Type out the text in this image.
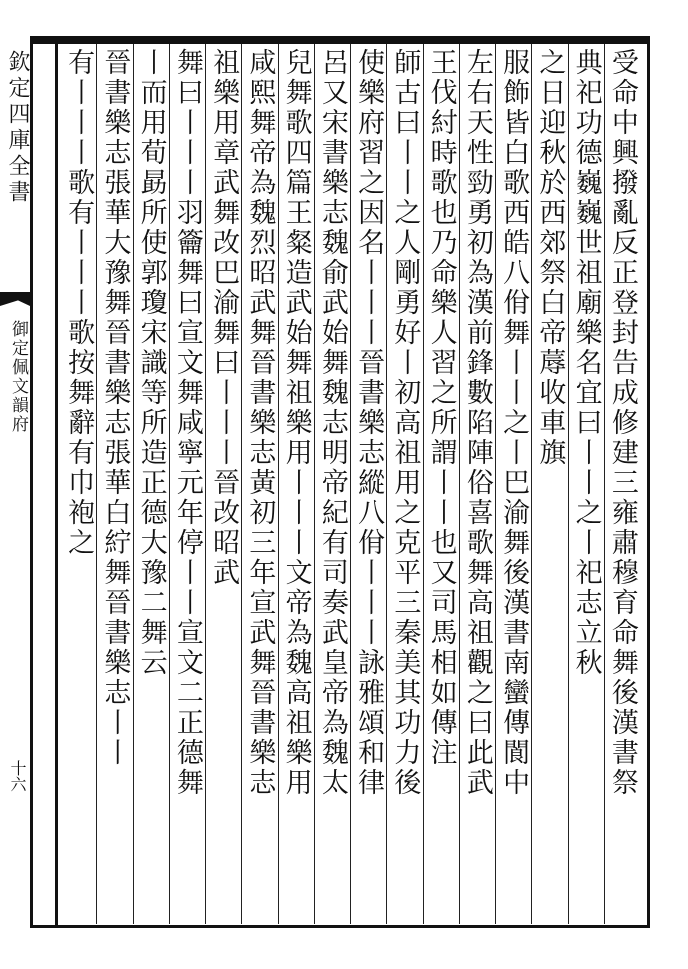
欽定四庫全書
御定佩文韻府
十六	受命中興撥亂反正登封告成修建三雍肅穆育命舞後漢書祭
典祀功德巍巍世祖廟樂名宜曰丨丨之丨祀志立秋
之日迎秋於西郊祭白帝蓐收車旗
服飾皆白歌西皓八佾舞丨丨之丨巴渝舞後漢書南蠻傳閬中
左右天性勁勇初為漢前鋒數陷陣俗喜歌舞高祖觀之曰此武
王伐紂時歌也乃命樂人習之所謂丨丨也又司馬相如傳注
師古曰丨丨之人剛勇好丨初高祖用之克平三秦美其功力後
使樂府習之因名丨丨丨晉書樂志縱八佾丨丨丨詠雅頌和律
呂又宋書樂志魏俞武始舞魏志明帝紀有司奏武皇帝為魏太
兒舞歌四篇王粲造武始舞祖樂用丨丨丨文帝為魏高祖樂用
咸熙舞帝為魏烈昭武舞晉書樂志黃初三年宣武舞晉書樂志
祖樂用章武舞改巴渝舞曰丨丨丨晉改昭武
舞曰丨丨丨羽籥舞曰宣文舞咸寧元年停丨丨宣文二正德舞
丨而用荀勗所使郭瓊宋識等所造正德大豫二舞云
晉書樂志張華大豫舞晉書樂志張華白紵舞晉書樂志丨丨
有丨丨丨歌有丨丨丨歌按舞辭有巾袍之
